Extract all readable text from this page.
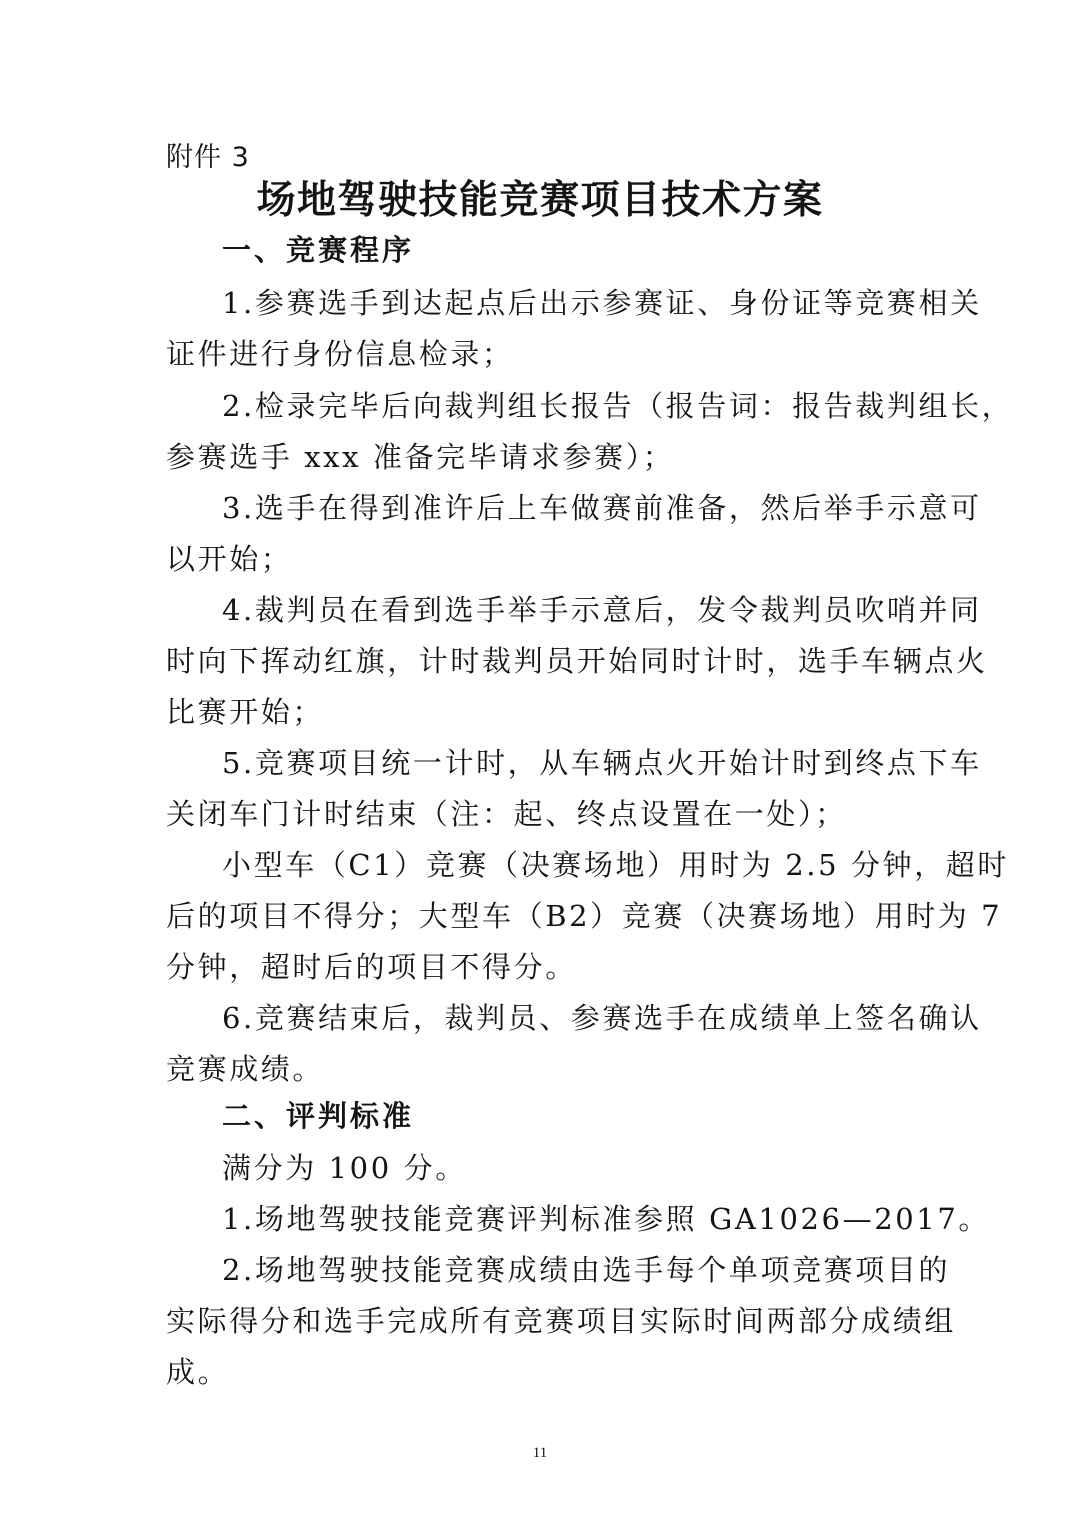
附件 3
场地驾驶技能竞赛项目技术方案
一、竞赛程序
1.参赛选手到达起点后出示参赛证、身份证等竞赛相关
证件进行身份信息检录；
2.检录完毕后向裁判组长报告（报告词：报告裁判组长，
参赛选手 xxx 准备完毕请求参赛）；
3.选手在得到准许后上车做赛前准备，然后举手示意可
以开始；
4.裁判员在看到选手举手示意后，发令裁判员吹哨并同
时向下挥动红旗，计时裁判员开始同时计时，选手车辆点火
比赛开始；
5.竞赛项目统一计时，从车辆点火开始计时到终点下车
关闭车门计时结束（注：起、终点设置在一处）；
小型车（C1）竞赛（决赛场地）用时为 2.5 分钟，超时
后的项目不得分；大型车（B2）竞赛（决赛场地）用时为 7
分钟，超时后的项目不得分。
6.竞赛结束后，裁判员、参赛选手在成绩单上签名确认
竞赛成绩。
二、评判标准
满分为 100 分。
1.场地驾驶技能竞赛评判标准参照 GA1026—2017。
2.场地驾驶技能竞赛成绩由选手每个单项竞赛项目的
实际得分和选手完成所有竞赛项目实际时间两部分成绩组
成。
11
